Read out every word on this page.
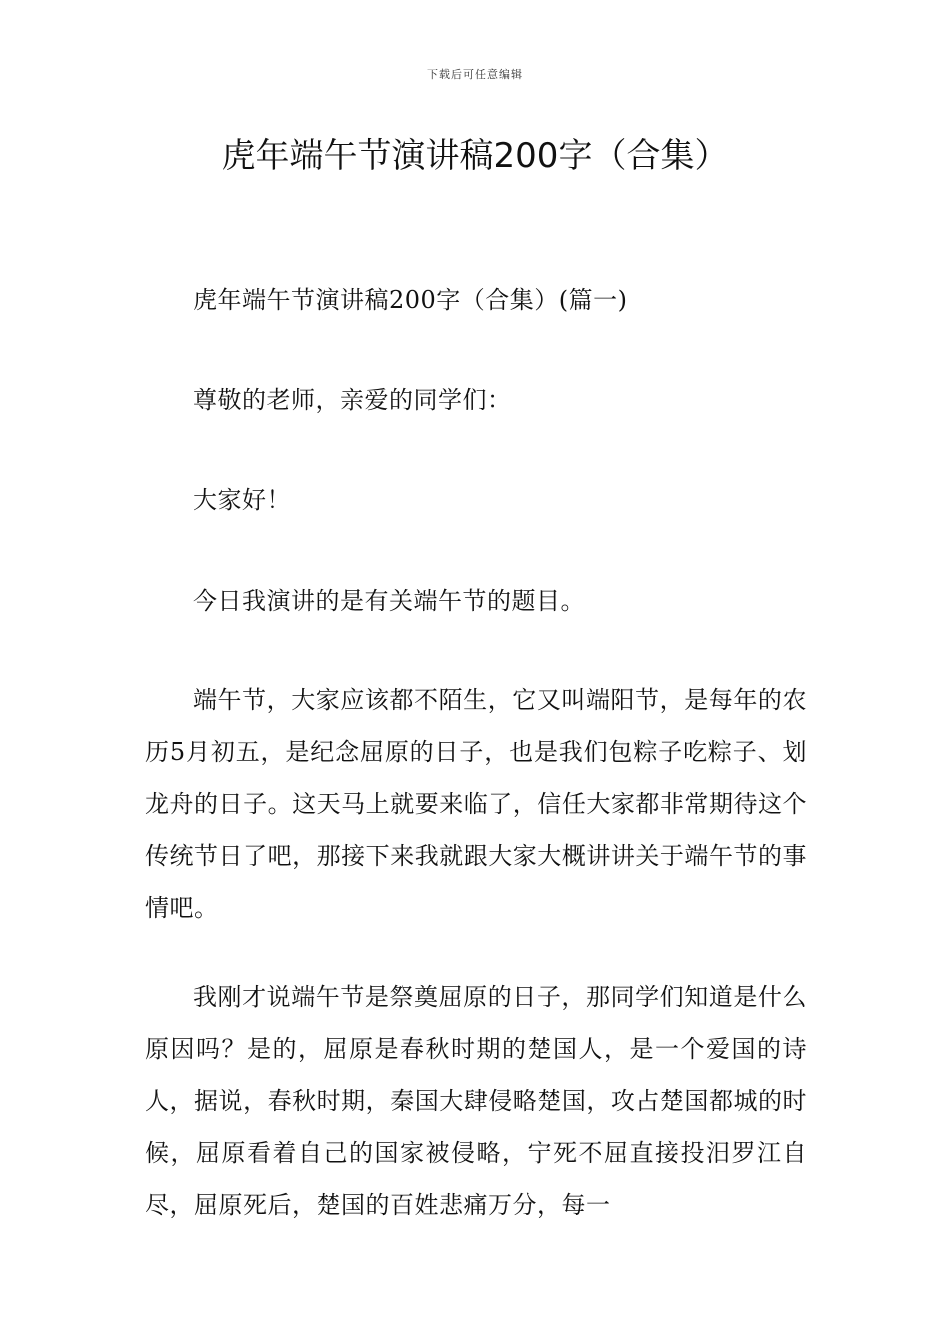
下载后可任意编辑
虎年端午节演讲稿200字（合集）

虎年端午节演讲稿200字（合集）(篇一)

尊敬的老师，亲爱的同学们：

大家好！

今日我演讲的是有关端午节的题目。

端午节，大家应该都不陌生，它又叫端阳节，是每年的农历5月初五，是纪念屈原的日子，也是我们包粽子吃粽子、划龙舟的日子。这天马上就要来临了，信任大家都非常期待这个传统节日了吧，那接下来我就跟大家大概讲讲关于端午节的事情吧。

我刚才说端午节是祭奠屈原的日子，那同学们知道是什么原因吗？是的，屈原是春秋时期的楚国人，是一个爱国的诗人，据说，春秋时期，秦国大肆侵略楚国，攻占楚国都城的时候，屈原看着自己的国家被侵略，宁死不屈直接投汨罗江自尽，屈原死后，楚国的百姓悲痛万分，每一
